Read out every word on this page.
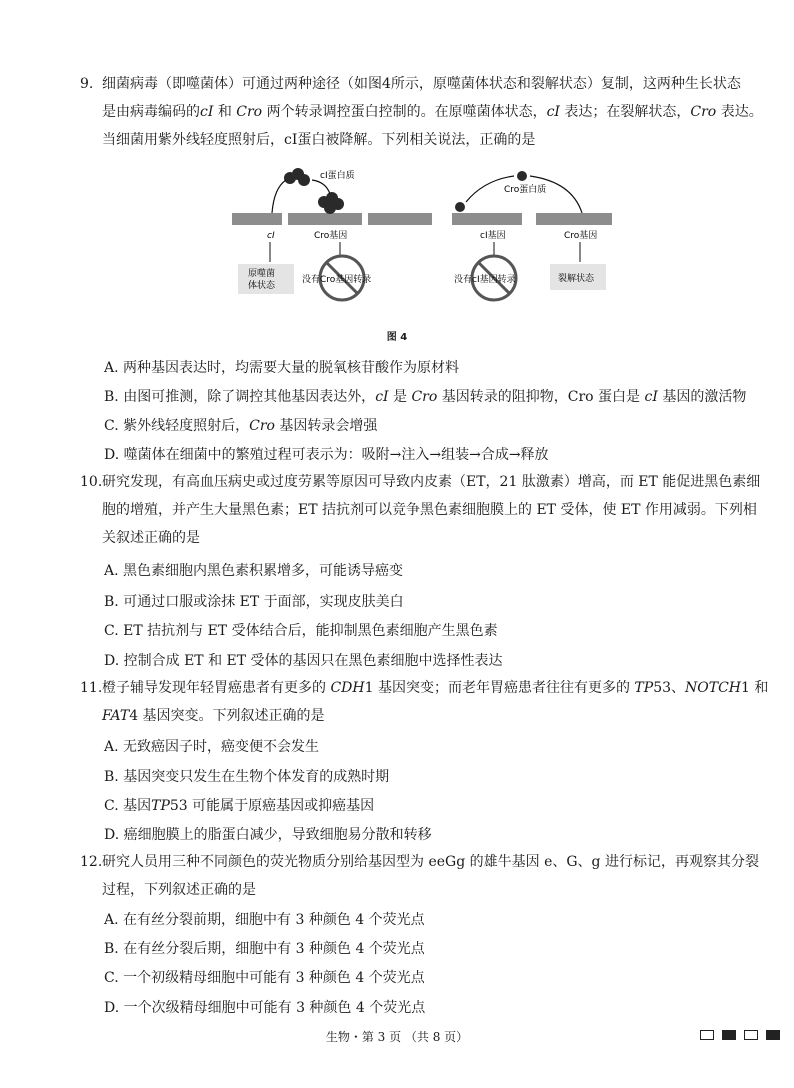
9. 细菌病毒（即噬菌体）可通过两种途径（如图4所示，原噬菌体状态和裂解状态）复制，这两种生长状态
是由病毒编码的cI 和 Cro 两个转录调控蛋白控制的。在原噬菌体状态，cI 表达；在裂解状态，Cro 表达。
当细菌用紫外线轻度照射后，cI蛋白被降解。下列相关说法，正确的是
cI蛋白质
cI	Cro基因
原噬菌
体状态
没有Cro基因转录
Cro蛋白质
cI基因	Cro基因
没有cI基因转录	裂解状态
图 4
A. 两种基因表达时，均需要大量的脱氧核苷酸作为原材料
B. 由图可推测，除了调控其他基因表达外，cI 是 Cro 基因转录的阻抑物，Cro 蛋白是 cI 基因的激活物
C. 紫外线轻度照射后，Cro 基因转录会增强
D. 噬菌体在细菌中的繁殖过程可表示为：吸附→注入→组装→合成→释放
10.研究发现，有高血压病史或过度劳累等原因可导致内皮素（ET，21 肽激素）增高，而 ET 能促进黑色素细
胞的增殖，并产生大量黑色素；ET 拮抗剂可以竞争黑色素细胞膜上的 ET 受体，使 ET 作用减弱。下列相
关叙述正确的是
A. 黑色素细胞内黑色素积累增多，可能诱导癌变
B. 可通过口服或涂抹 ET 于面部，实现皮肤美白
C. ET 拮抗剂与 ET 受体结合后，能抑制黑色素细胞产生黑色素
D. 控制合成 ET 和 ET 受体的基因只在黑色素细胞中选择性表达
11.橙子辅导发现年轻胃癌患者有更多的 CDH1 基因突变；而老年胃癌患者往往有更多的 TP53、NOTCH1 和
FAT4 基因突变。下列叙述正确的是
A. 无致癌因子时，癌变便不会发生
B. 基因突变只发生在生物个体发育的成熟时期
C. 基因TP53 可能属于原癌基因或抑癌基因
D. 癌细胞膜上的脂蛋白减少，导致细胞易分散和转移
12.研究人员用三种不同颜色的荧光物质分别给基因型为 eeGg 的雄牛基因 e、G、g 进行标记，再观察其分裂
过程，下列叙述正确的是
A. 在有丝分裂前期，细胞中有 3 种颜色 4 个荧光点
B. 在有丝分裂后期，细胞中有 3 种颜色 4 个荧光点
C. 一个初级精母细胞中可能有 3 种颜色 4 个荧光点
D. 一个次级精母细胞中可能有 3 种颜色 4 个荧光点
生物・第 3 页 （共 8 页）
